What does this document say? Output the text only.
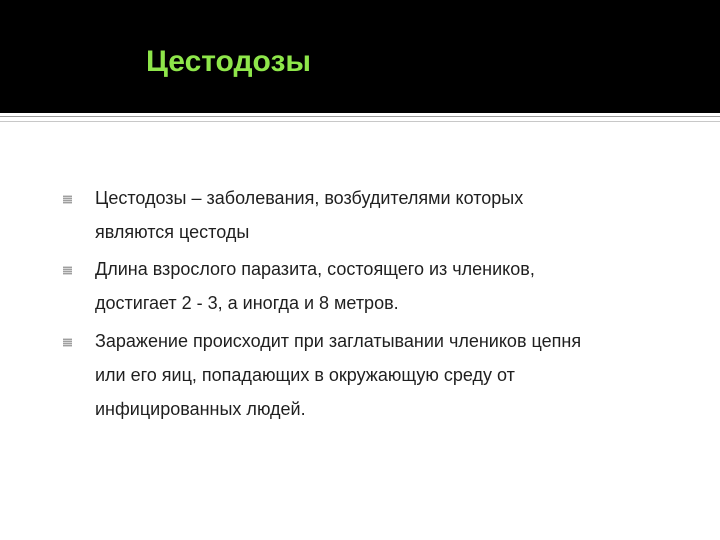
Цестодозы

Цестодозы – заболевания, возбудителями которых
являются цестоды

Длина взрослого паразита, состоящего из члеников,
достигает 2 - 3, а иногда и 8 метров.

Заражение происходит при заглатывании члеников цепня
или его яиц, попадающих в окружающую среду от
инфицированных людей.
